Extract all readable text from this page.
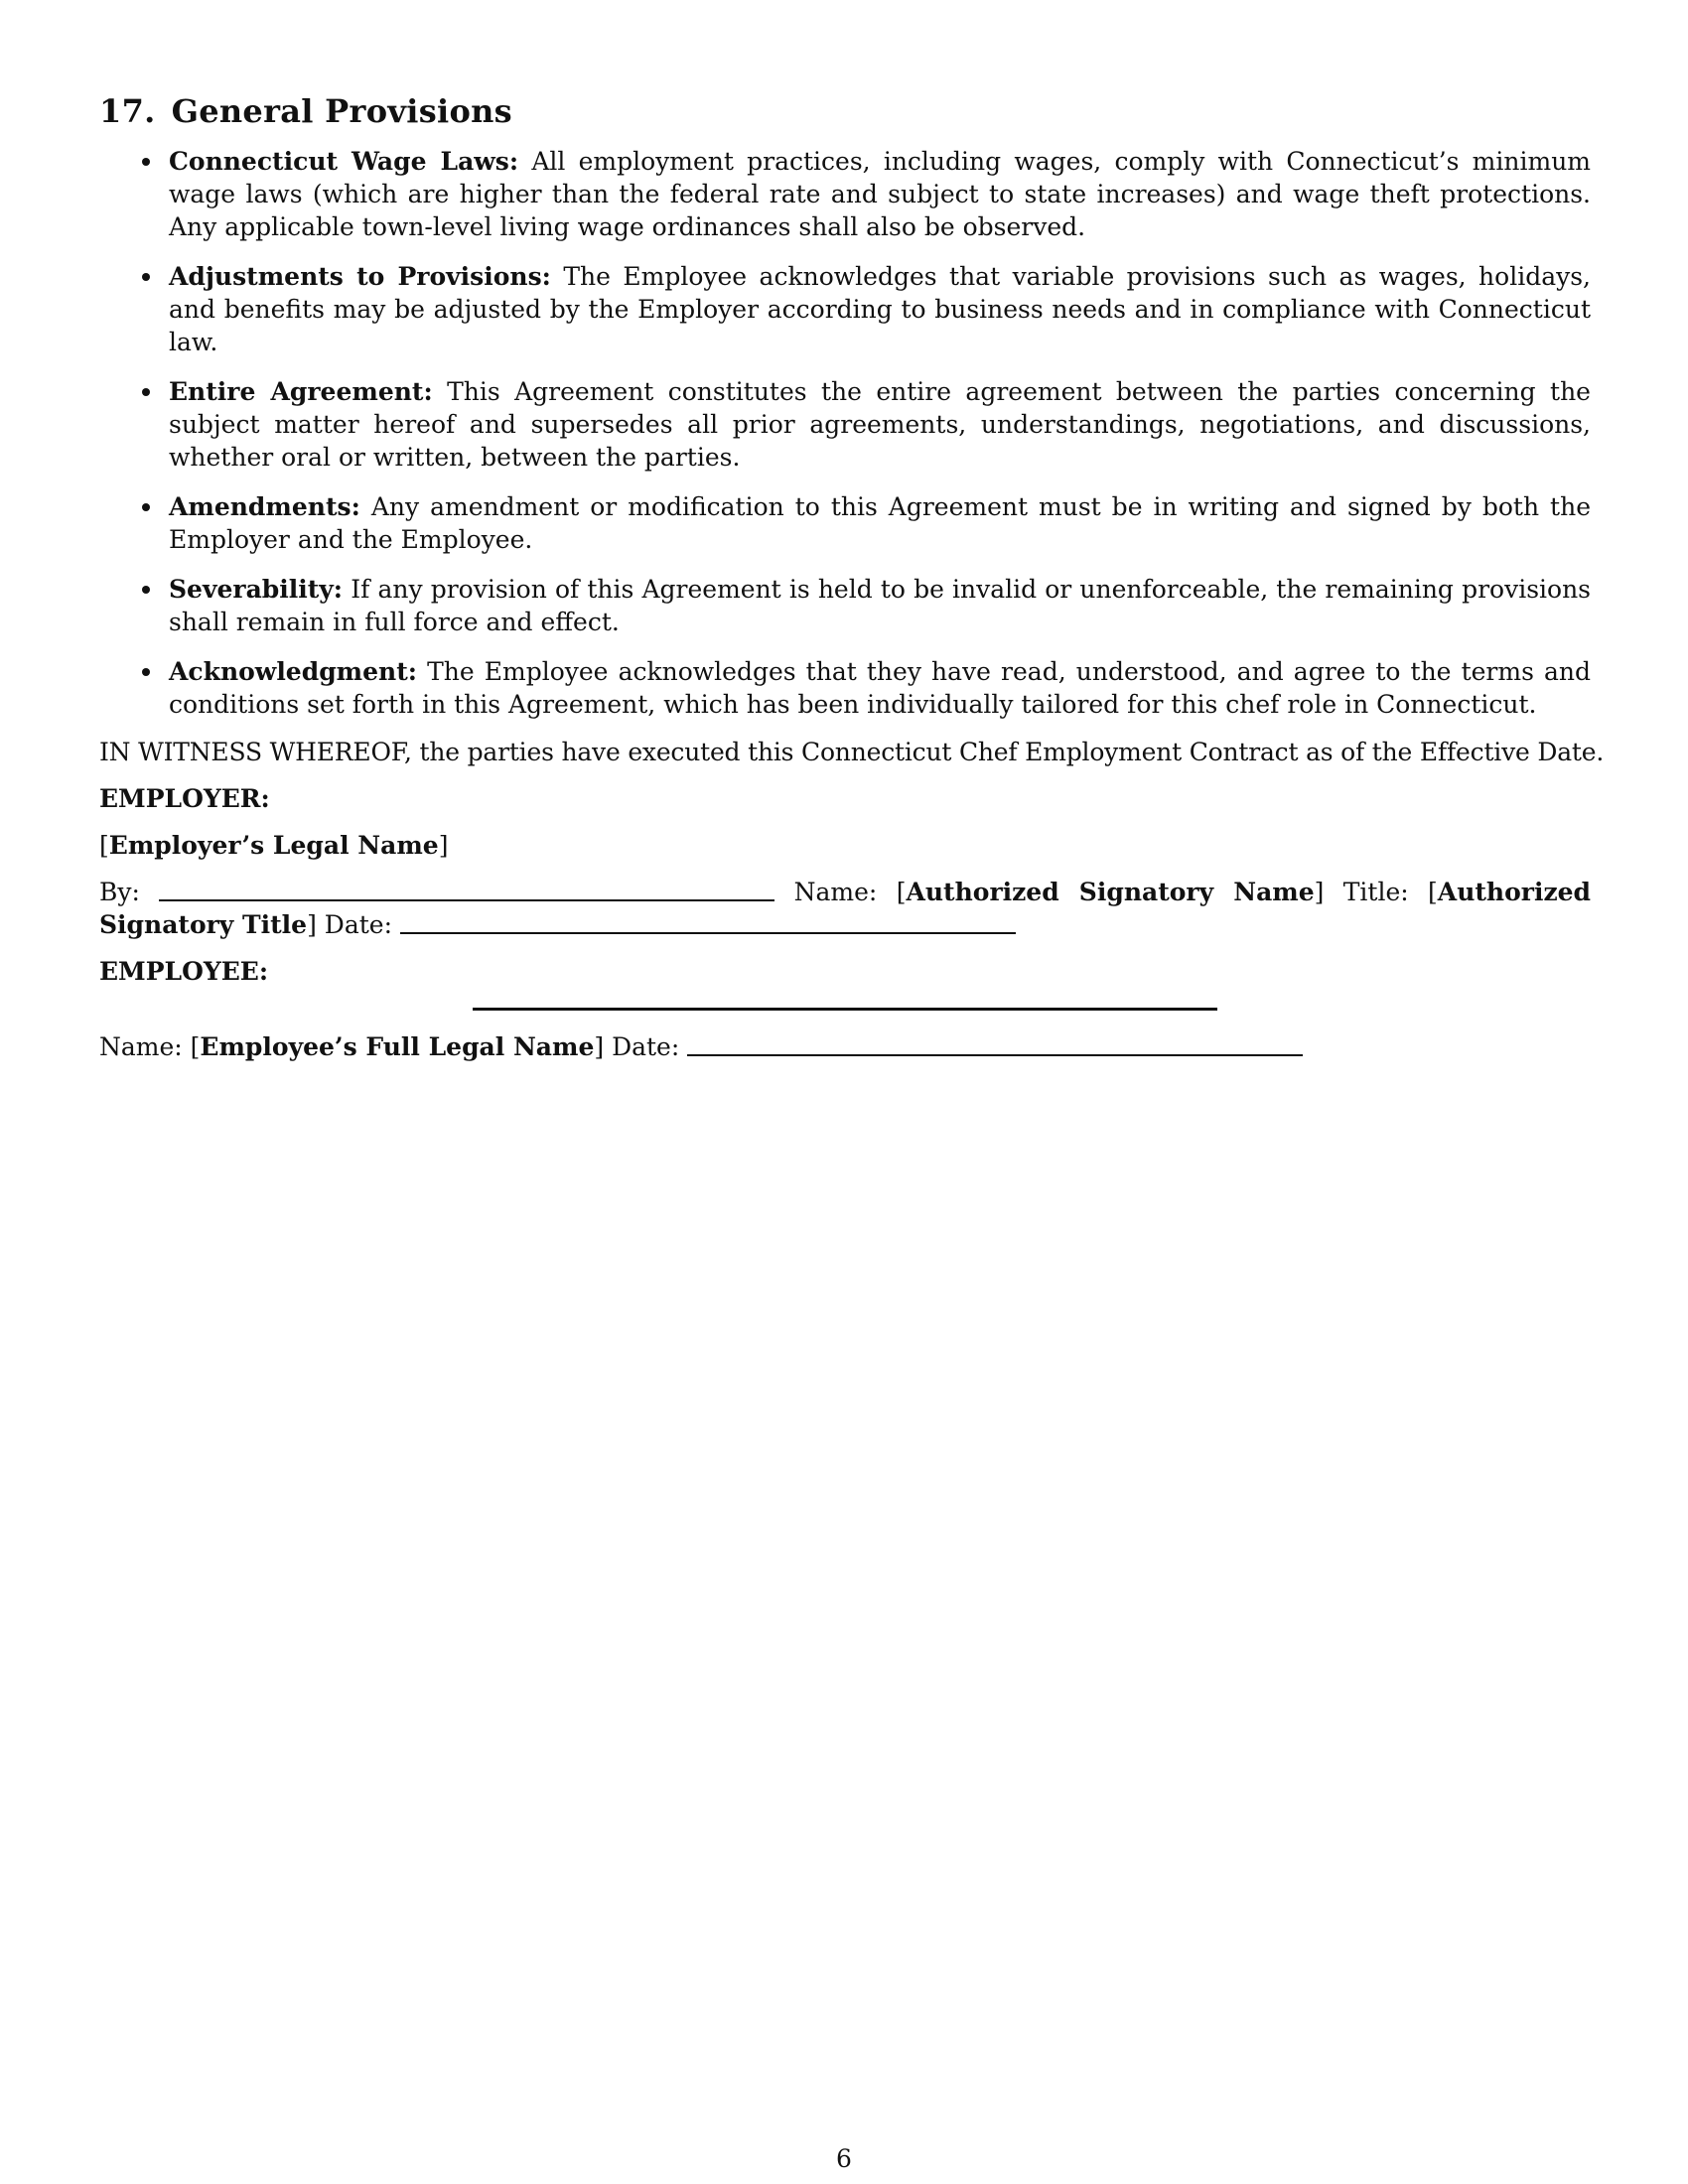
17. General Provisions
Connecticut Wage Laws: All employment practices, including wages, comply with Connecticut’s minimum wage laws (which are higher than the federal rate and subject to state increases) and wage theft protections. Any applicable town-level living wage ordinances shall also be observed.
Adjustments to Provisions: The Employee acknowledges that variable provisions such as wages, holidays, and benefits may be adjusted by the Employer according to business needs and in compliance with Connecticut law.
Entire Agreement: This Agreement constitutes the entire agreement between the parties concerning the subject matter hereof and supersedes all prior agreements, understandings, negotiations, and discussions, whether oral or written, between the parties.
Amendments: Any amendment or modification to this Agreement must be in writing and signed by both the Employer and the Employee.
Severability: If any provision of this Agreement is held to be invalid or unenforceable, the remaining provisions shall remain in full force and effect.
Acknowledgment: The Employee acknowledges that they have read, understood, and agree to the terms and conditions set forth in this Agreement, which has been individually tailored for this chef role in Connecticut.

IN WITNESS WHEREOF, the parties have executed this Connecticut Chef Employment Contract as of the Effective Date.

EMPLOYER:

[Employer’s Legal Name]

By:	Name: [Authorized Signatory Name] Title: [Authorized Signatory Title] Date:

EMPLOYEE:

Name: [Employee’s Full Legal Name] Date:

6
